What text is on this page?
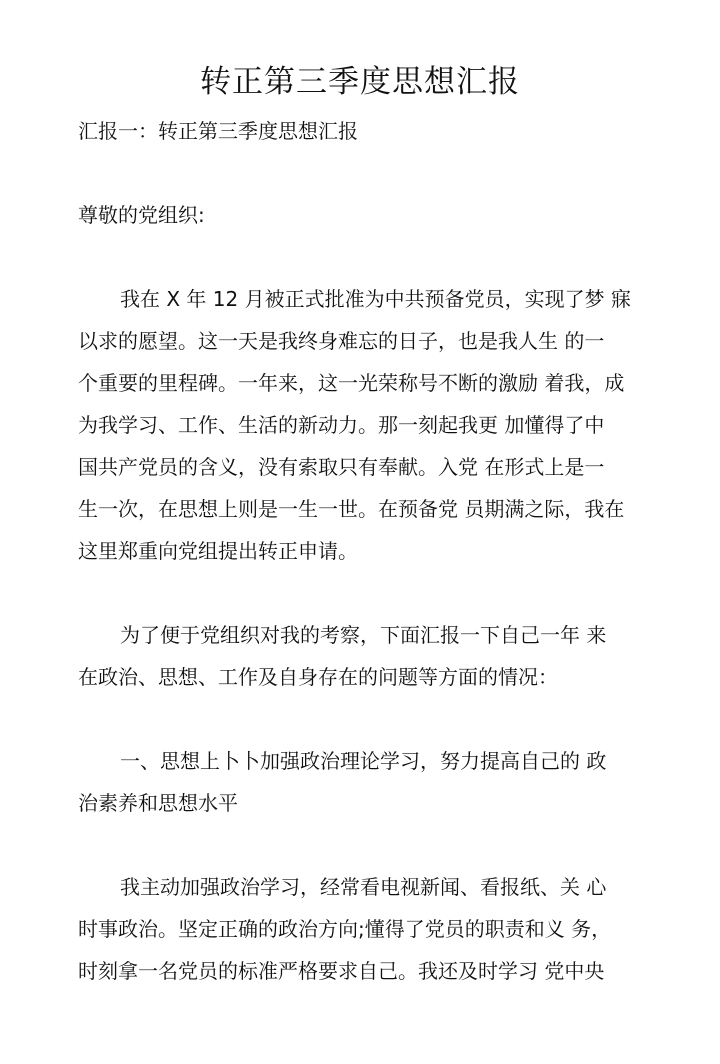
转正第三季度思想汇报

汇报一：转正第三季度思想汇报

尊敬的党组织:

我在 X 年 12 月被正式批准为中共预备党员，实现了梦 寐

以求的愿望。这一天是我终身难忘的日子，也是我人生 的一

个重要的里程碑。一年来，这一光荣称号不断的激励 着我，成

为我学习、工作、生活的新动力。那一刻起我更 加懂得了中

国共产党员的含义，没有索取只有奉献。入党 在形式上是一

生一次，在思想上则是一生一世。在预备党 员期满之际，我在

这里郑重向党组提出转正申请。

为了便于党组织对我的考察，下面汇报一下自己一年 来

在政治、思想、工作及自身存在的问题等方面的情况：

一、思想上卜卜加强政治理论学习，努力提高自己的 政

治素养和思想水平

我主动加强政治学习，经常看电视新闻、看报纸、关 心

时事政治。坚定正确的政治方向;懂得了党员的职责和义 务，

时刻拿一名党员的标准严格要求自己。我还及时学习 党中央
